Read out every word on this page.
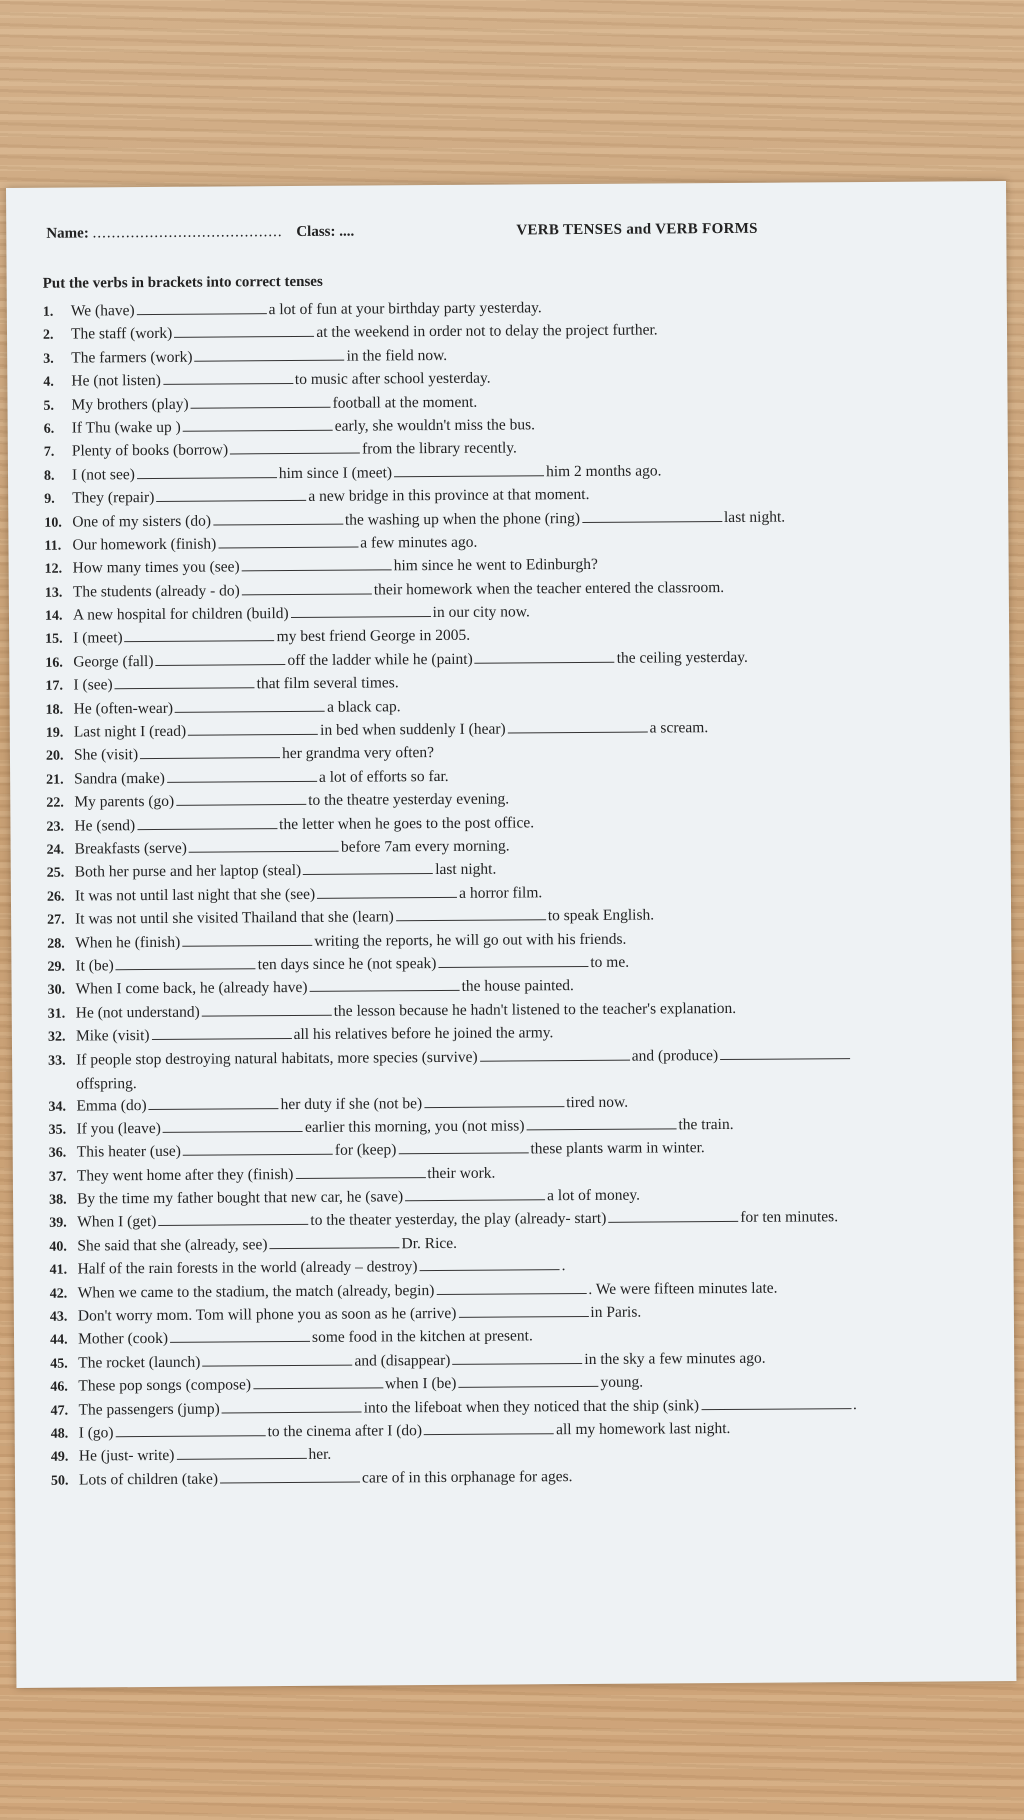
Name: ........................................ Class: ....	VERB TENSES and VERB FORMS
Put the verbs in brackets into correct tenses
1. We (have)	a lot of fun at your birthday party yesterday.
2. The staff (work)	at the weekend in order not to delay the project further.
3. The farmers (work)	in the field now.
4. He (not listen)	to music after school yesterday.
5. My brothers (play)	football at the moment.
6. If Thu (wake up )	early, she wouldn't miss the bus.
7. Plenty of books (borrow)	from the library recently.
8. I (not see)	him since I (meet)	him 2 months ago.
9. They (repair)	a new bridge in this province at that moment.
10. One of my sisters (do)	the washing up when the phone (ring)	last night.
11. Our homework (finish)	a few minutes ago.
12. How many times you (see)	him since he went to Edinburgh?
13. The students (already - do)	their homework when the teacher entered the classroom.
14. A new hospital for children (build)	in our city now.
15. I (meet)	my best friend George in 2005.
16. George (fall)	off the ladder while he (paint)	the ceiling yesterday.
17. I (see)	that film several times.
18. He (often-wear)	a black cap.
19. Last night I (read)	in bed when suddenly I (hear)	a scream.
20. She (visit)	her grandma very often?
21. Sandra (make)	a lot of efforts so far.
22. My parents (go)	to the theatre yesterday evening.
23. He (send)	the letter when he goes to the post office.
24. Breakfasts (serve)	before 7am every morning.
25. Both her purse and her laptop (steal)	last night.
26. It was not until last night that she (see)	a horror film.
27. It was not until she visited Thailand that she (learn)	to speak English.
28. When he (finish)	writing the reports, he will go out with his friends.
29. It (be)	ten days since he (not speak)	to me.
30. When I come back, he (already have)	the house painted.
31. He (not understand)	the lesson because he hadn't listened to the teacher's explanation.
32. Mike (visit)	all his relatives before he joined the army.
33. If people stop destroying natural habitats, more species (survive)	and (produce)
offspring.
34. Emma (do)	her duty if she (not be)	tired now.
35. If you (leave)	earlier this morning, you (not miss)	the train.
36. This heater (use)	for (keep)	these plants warm in winter.
37. They went home after they (finish)	their work.
38. By the time my father bought that new car, he (save)	a lot of money.
39. When I (get)	to the theater yesterday, the play (already- start)	for ten minutes.
40. She said that she (already, see)	Dr. Rice.
41. Half of the rain forests in the world (already – destroy)	.
42. When we came to the stadium, the match (already, begin)	. We were fifteen minutes late.
43. Don't worry mom. Tom will phone you as soon as he (arrive)	in Paris.
44. Mother (cook)	some food in the kitchen at present.
45. The rocket (launch)	and (disappear)	in the sky a few minutes ago.
46. These pop songs (compose)	when I (be)	young.
47. The passengers (jump)	into the lifeboat when they noticed that the ship (sink)	.
48. I (go)	to the cinema after I (do)	all my homework last night.
49. He (just- write)	her.
50. Lots of children (take)	care of in this orphanage for ages.
